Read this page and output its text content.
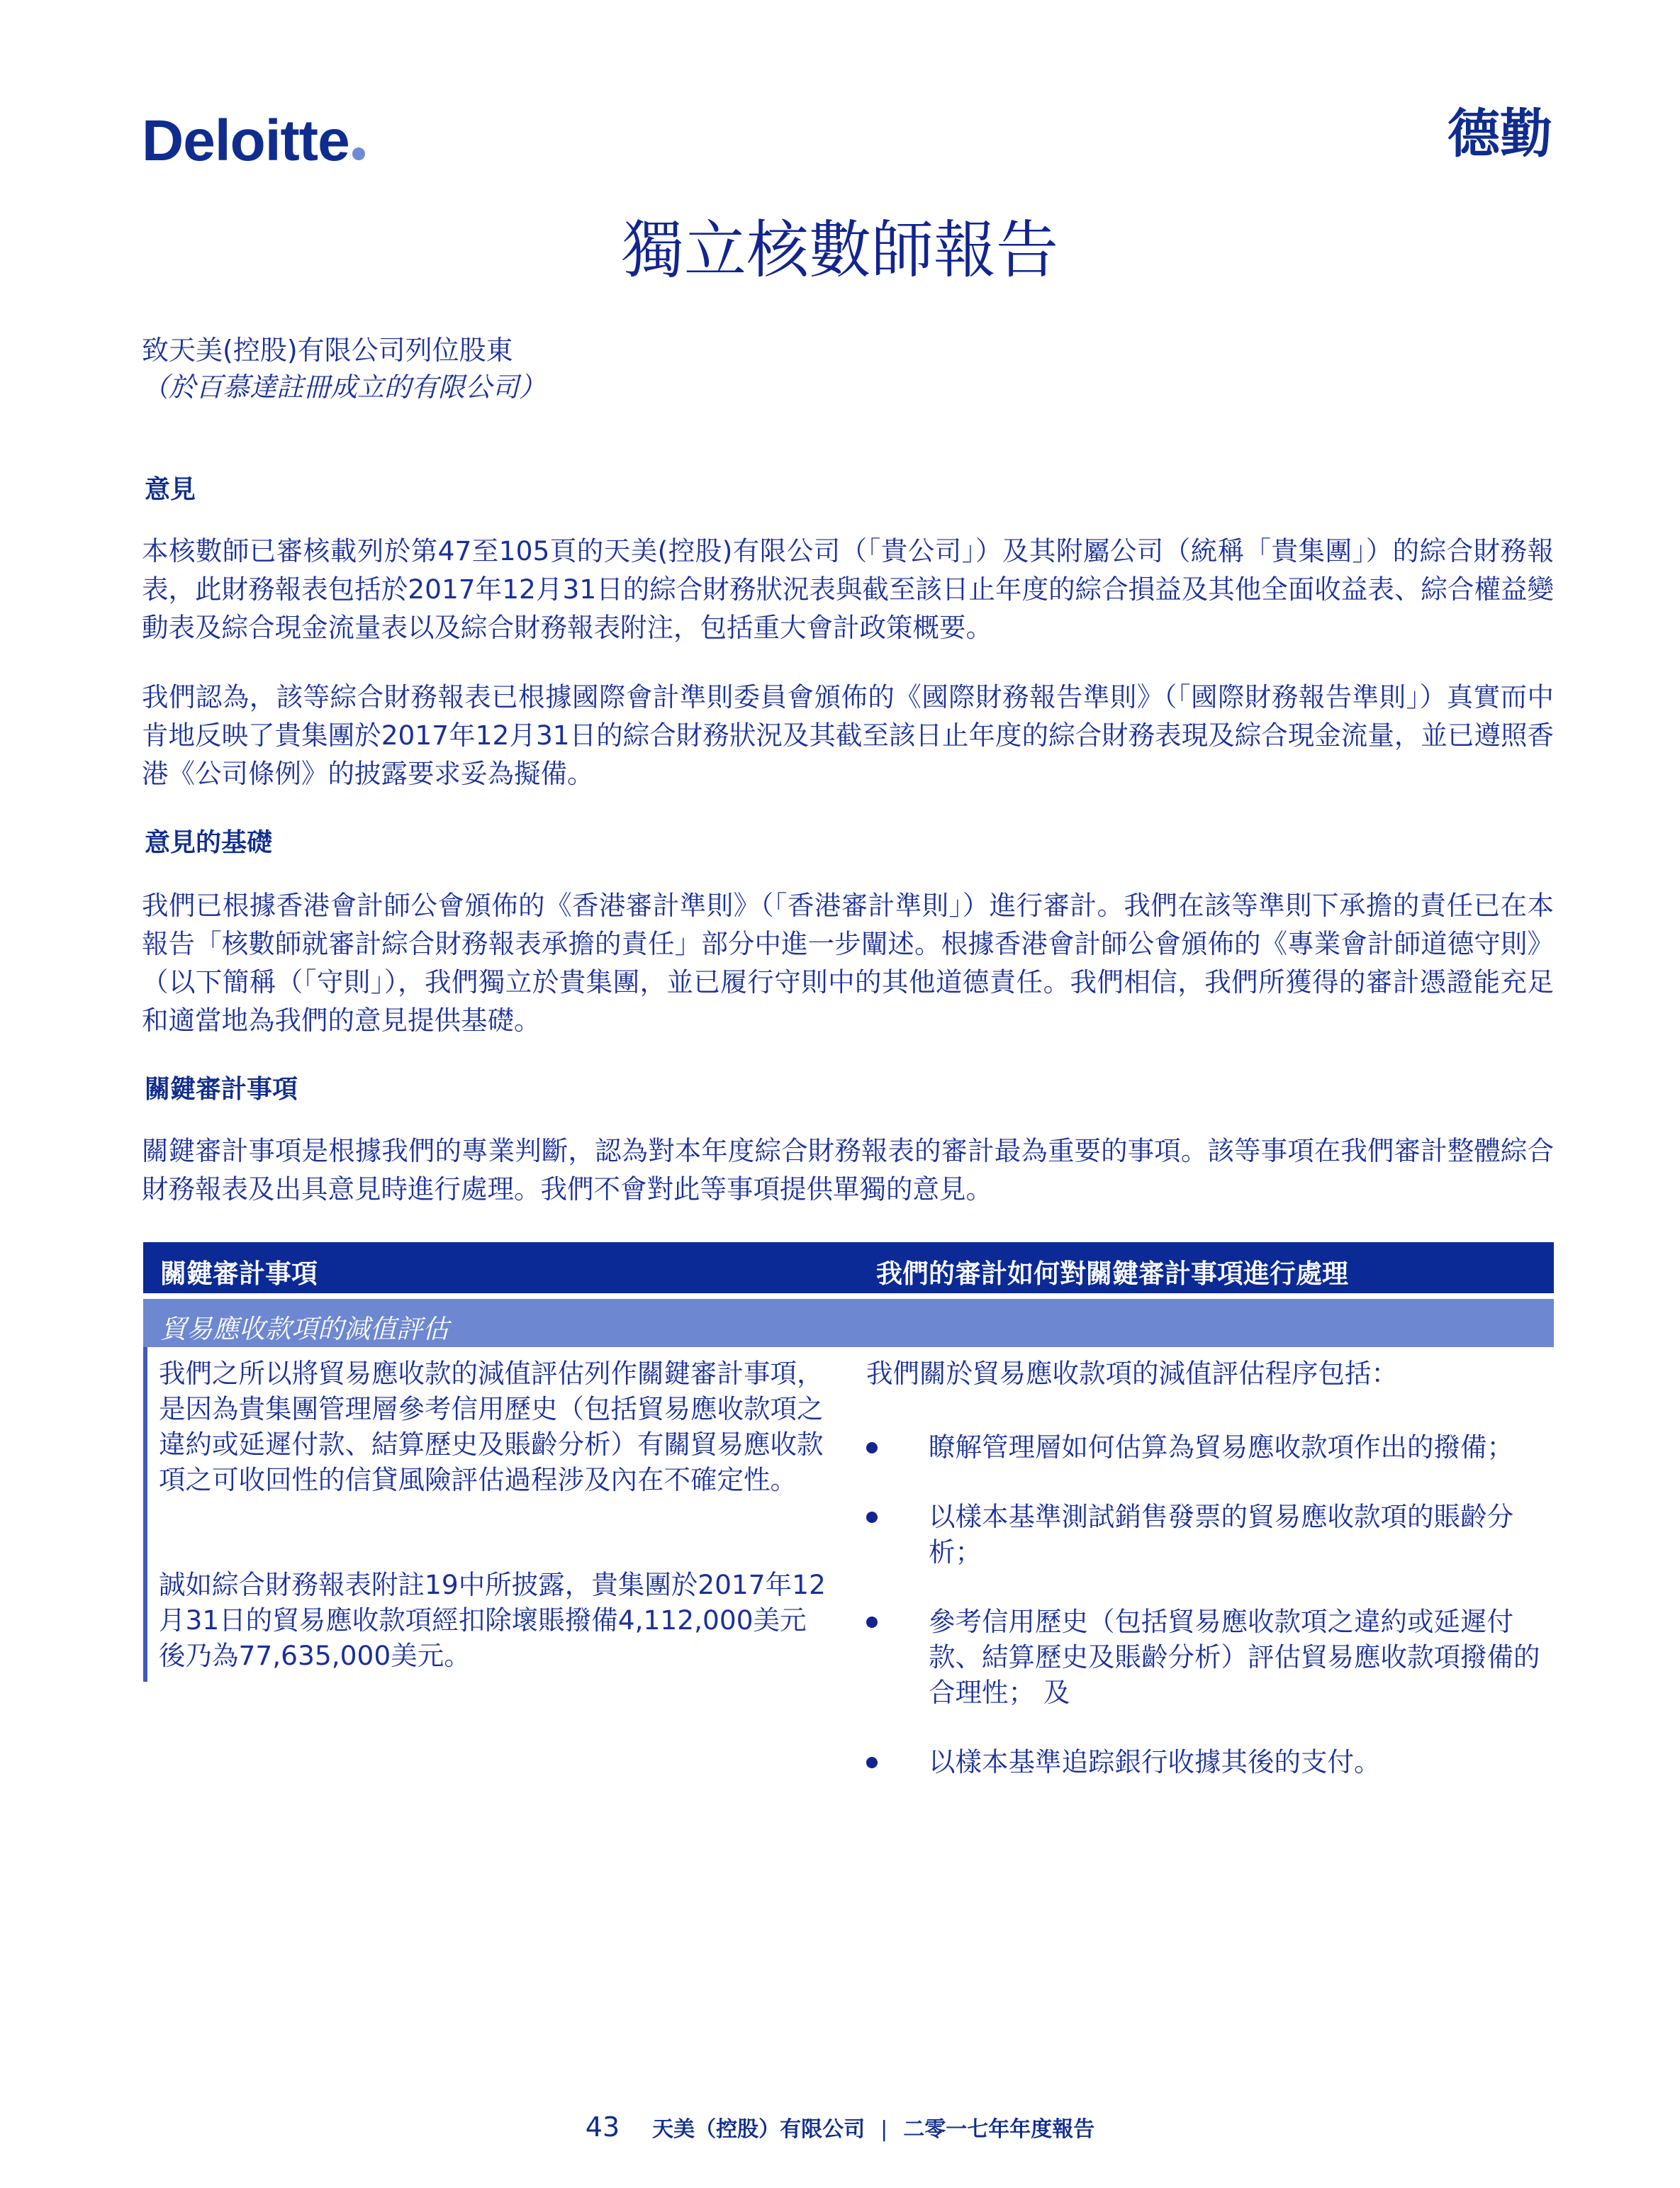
Deloitte	德勤
獨立核數師報告
致天美(控股)有限公司列位股東
（於百慕達註冊成立的有限公司）
意見

本核數師已審核載列於第47至105頁的天美(控股)有限公司（「貴公司」）及其附屬公司（統稱「貴集團」）的綜合財務報表，此財務報表包括於2017年12月31日的綜合財務狀況表與截至該日止年度的綜合損益及其他全面收益表、綜合權益變動表及綜合現金流量表以及綜合財務報表附注，包括重大會計政策概要。

我們認為，該等綜合財務報表已根據國際會計準則委員會頒佈的《國際財務報告準則》（「國際財務報告準則」）真實而中肯地反映了貴集團於2017年12月31日的綜合財務狀況及其截至該日止年度的綜合財務表現及綜合現金流量，並已遵照香港《公司條例》的披露要求妥為擬備。

意見的基礎

我們已根據香港會計師公會頒佈的《香港審計準則》（「香港審計準則」）進行審計。我們在該等準則下承擔的責任已在本報告「核數師就審計綜合財務報表承擔的責任」部分中進一步闡述。根據香港會計師公會頒佈的《專業會計師道德守則》（以下簡稱（「守則」），我們獨立於貴集團，並已履行守則中的其他道德責任。我們相信，我們所獲得的審計憑證能充足和適當地為我們的意見提供基礎。

關鍵審計事項

關鍵審計事項是根據我們的專業判斷，認為對本年度綜合財務報表的審計最為重要的事項。該等事項在我們審計整體綜合財務報表及出具意見時進行處理。我們不會對此等事項提供單獨的意見。

關鍵審計事項	我們的審計如何對關鍵審計事項進行處理
貿易應收款項的減值評估

我們之所以將貿易應收款的減值評估列作關鍵審計事項，是因為貴集團管理層參考信用歷史（包括貿易應收款項之違約或延遲付款、結算歷史及賬齡分析）有關貿易應收款項之可收回性的信貸風險評估過程涉及內在不確定性。

誠如綜合財務報表附註19中所披露，貴集團於2017年12月31日的貿易應收款項經扣除壞賬撥備4,112,000美元後乃為77,635,000美元。

我們關於貿易應收款項的減值評估程序包括：
瞭解管理層如何估算為貿易應收款項作出的撥備；
以樣本基準測試銷售發票的貿易應收款項的賬齡分析；
參考信用歷史（包括貿易應收款項之違約或延遲付款、結算歷史及賬齡分析）評估貿易應收款項撥備的合理性； 及
以樣本基準追踪銀行收據其後的支付。
43 天美（控股）有限公司 | 二零一七年年度報告
